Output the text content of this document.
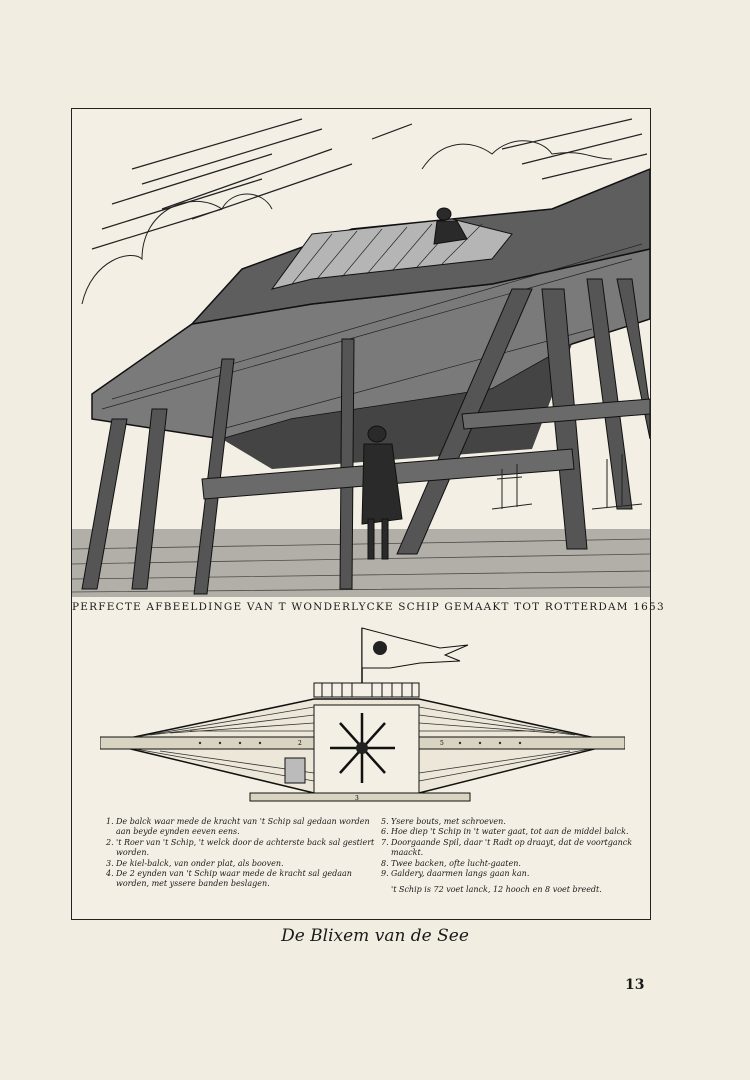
PERFECTE AFBEELDINGE VAN T WONDERLYCKE SCHIP GEMAAKT TOT ROTTERDAM 1653
3
2	5
1. De balck waar mede de kracht van 't Schip sal gedaan worden aan beyde eynden eeven eens.
2. 't Roer van 't Schip, 't welck door de achterste back sal gestiert worden.
3. De kiel-balck, van onder plat, als booven.
4. De 2 eynden van 't Schip waar mede de kracht sal gedaan worden, met yssere banden beslagen.
5. Ysere bouts, met schroeven.
6. Hoe diep 't Schip in 't water gaat, tot aan de middel balck.
7. Doorgaande Spil, daar 't Radt op draayt, dat de voortganck maackt.
8. Twee backen, ofte lucht-gaaten.
9. Galdery, daarmen langs gaan kan.
't Schip is 72 voet lanck, 12 hooch en 8 voet breedt.
De Blixem van de See
13
